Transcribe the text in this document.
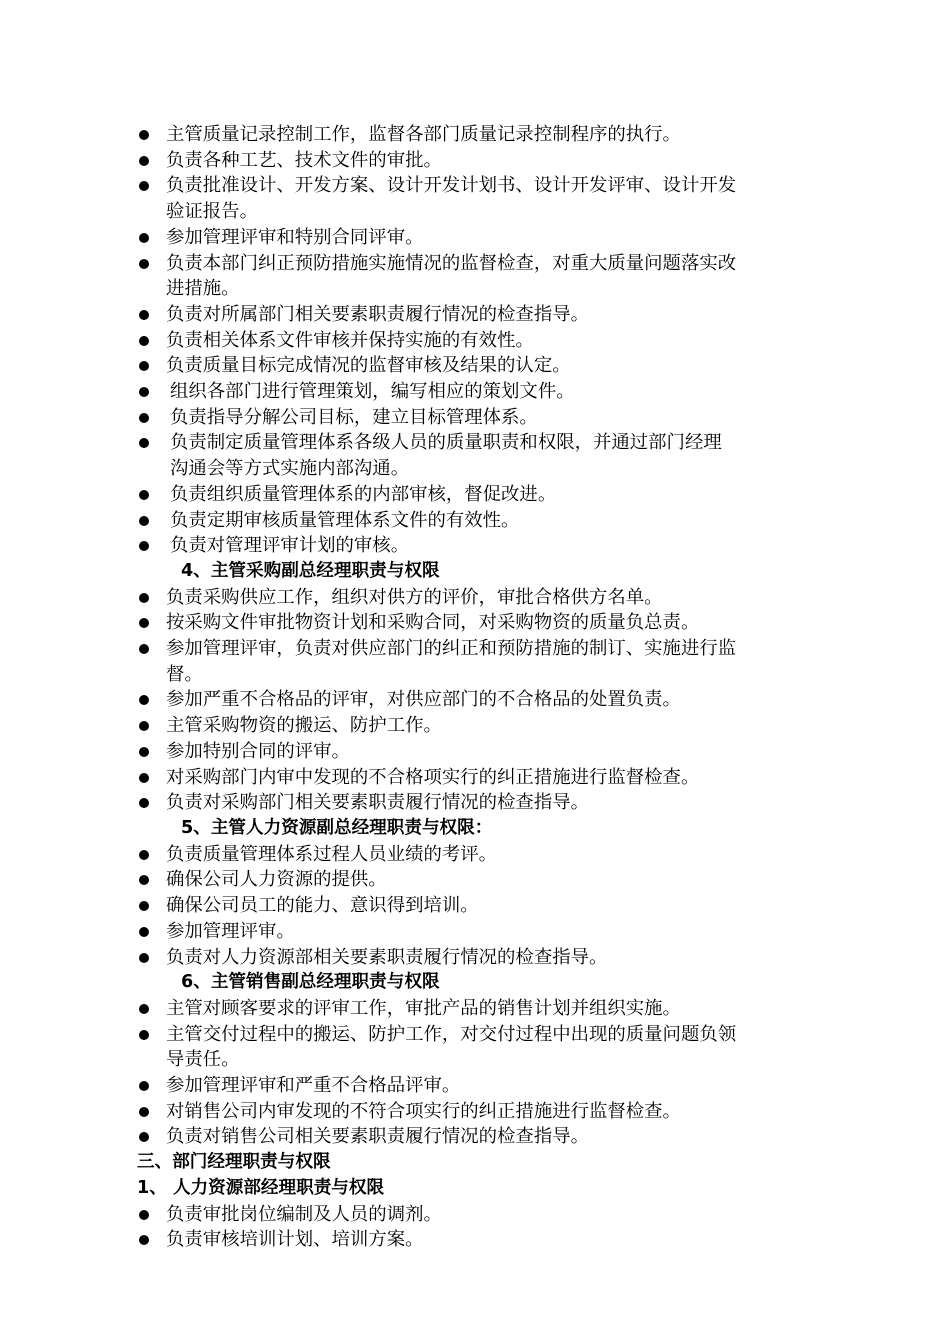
主管质量记录控制工作，监督各部门质量记录控制程序的执行。
负责各种工艺、技术文件的审批。
负责批准设计、开发方案、设计开发计划书、设计开发评审、设计开发
验证报告。
参加管理评审和特别合同评审。
负责本部门纠正预防措施实施情况的监督检查，对重大质量问题落实改
进措施。
负责对所属部门相关要素职责履行情况的检查指导。
负责相关体系文件审核并保持实施的有效性。
负责质量目标完成情况的监督审核及结果的认定。
组织各部门进行管理策划，编写相应的策划文件。
负责指导分解公司目标，建立目标管理体系。
负责制定质量管理体系各级人员的质量职责和权限，并通过部门经理
沟通会等方式实施内部沟通。
负责组织质量管理体系的内部审核，督促改进。
负责定期审核质量管理体系文件的有效性。
负责对管理评审计划的审核。
4、主管采购副总经理职责与权限
负责采购供应工作，组织对供方的评价，审批合格供方名单。
按采购文件审批物资计划和采购合同，对采购物资的质量负总责。
参加管理评审，负责对供应部门的纠正和预防措施的制订、实施进行监
督。
参加严重不合格品的评审，对供应部门的不合格品的处置负责。
主管采购物资的搬运、防护工作。
参加特别合同的评审。
对采购部门内审中发现的不合格项实行的纠正措施进行监督检查。
负责对采购部门相关要素职责履行情况的检查指导。
5、主管人力资源副总经理职责与权限：
负责质量管理体系过程人员业绩的考评。
确保公司人力资源的提供。
确保公司员工的能力、意识得到培训。
参加管理评审。
负责对人力资源部相关要素职责履行情况的检查指导。
6、主管销售副总经理职责与权限
主管对顾客要求的评审工作，审批产品的销售计划并组织实施。
主管交付过程中的搬运、防护工作，对交付过程中出现的质量问题负领
导责任。
参加管理评审和严重不合格品评审。
对销售公司内审发现的不符合项实行的纠正措施进行监督检查。
负责对销售公司相关要素职责履行情况的检查指导。
三、部门经理职责与权限
1、 人力资源部经理职责与权限
负责审批岗位编制及人员的调剂。
负责审核培训计划、培训方案。
